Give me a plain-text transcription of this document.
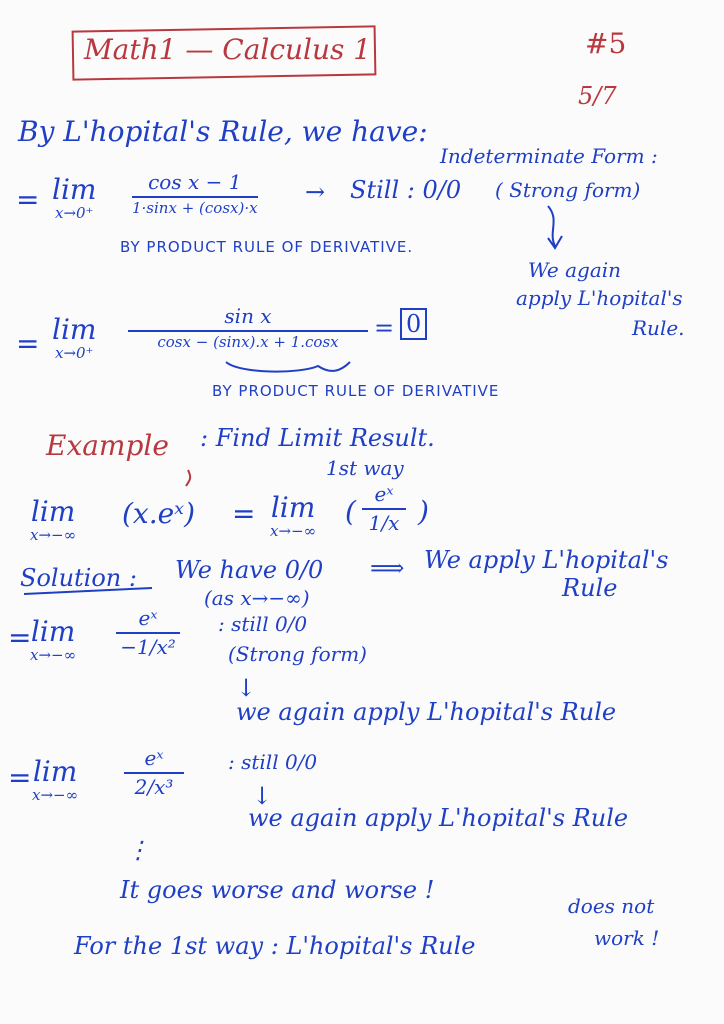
Math1 — Calculus 1	#5
5/7
By L'hopital's Rule, we have:
Indeterminate Form :
= lim
x→0⁺
cos x − 1
1·sinx + (cosx)·x
→ Still : 0/0 ( Strong form)
BY PRODUCT RULE OF DERIVATIVE.
We again
apply L'hopital's
Rule.
= lim
x→0⁺
sin x
cosx − (sinx).x + 1.cosx = 0
BY PRODUCT RULE OF DERIVATIVE
Example : Find Limit Result.
1st way
lim
x→−∞
(x.eˣ) = lim
x→−∞
(
eˣ
1/x )
Solution : We have 0/0 ⟹ We apply L'hopital's
Rule
(as x→−∞)
= lim
x→−∞
eˣ
−1/x²
: still 0/0
(Strong form)
↓
we again apply L'hopital's Rule
= lim
x→−∞
eˣ
2/x³
: still 0/0
↓
we again apply L'hopital's Rule
⋮
It goes worse and worse !
For the 1st way : L'hopital's Rule
does not
work !
